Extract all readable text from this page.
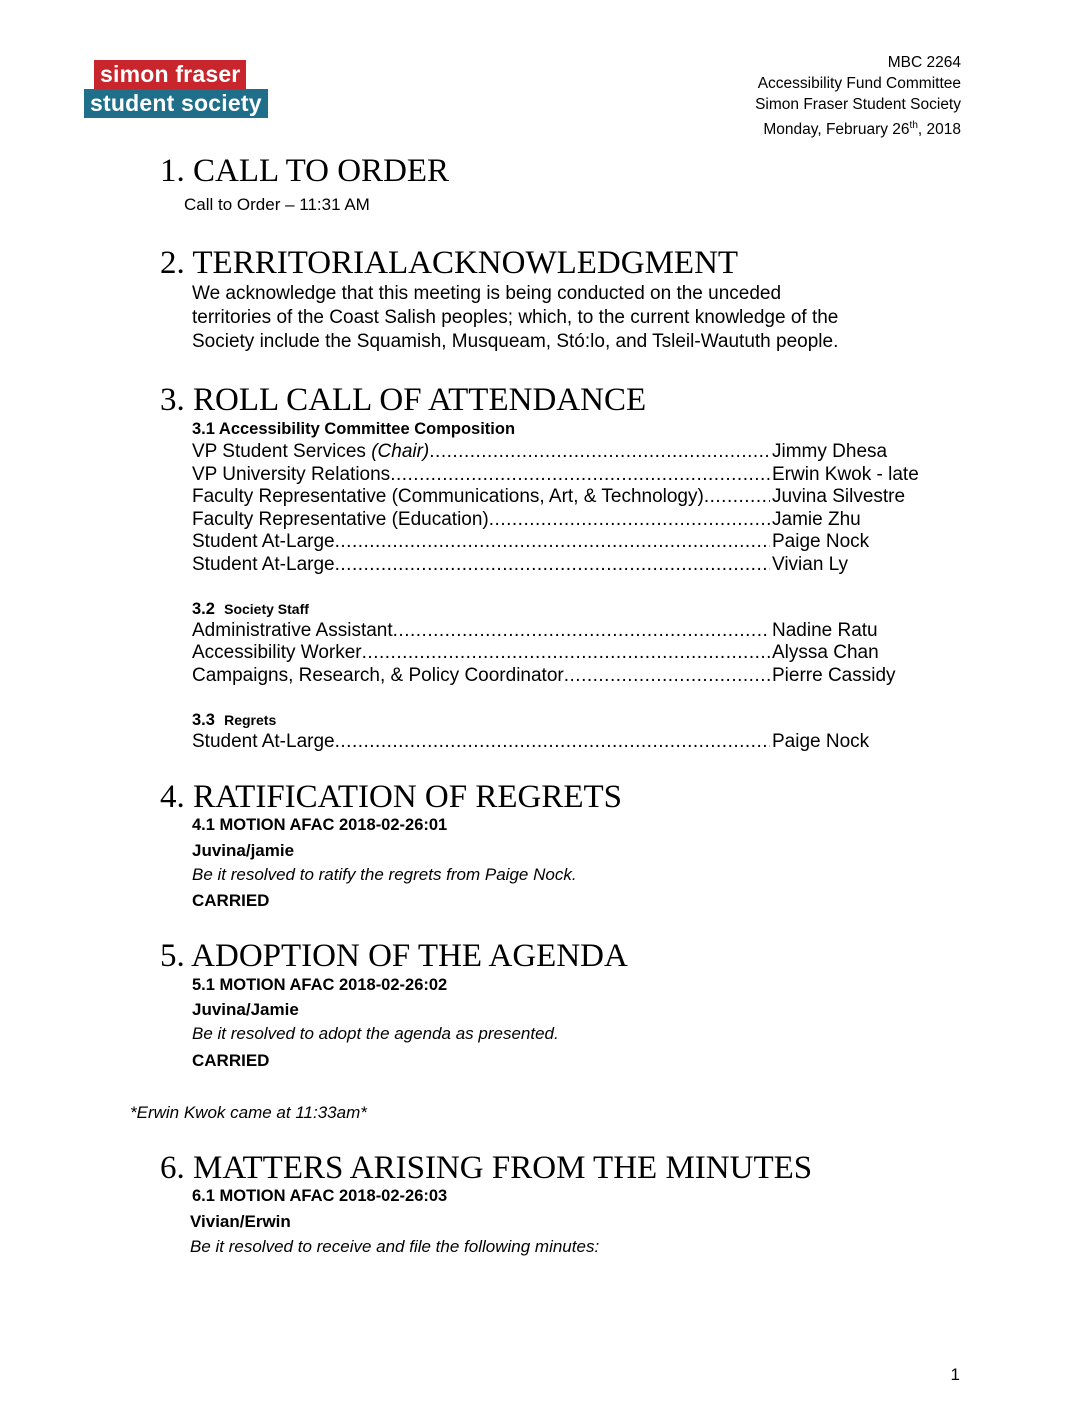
simon fraser
student society
MBC 2264
Accessibility Fund Committee
Simon Fraser Student Society
Monday, February 26th, 2018
1. CALL TO ORDER
Call to Order – 11:31 AM
2. TERRITORIALACKNOWLEDGMENT
We acknowledge that this meeting is being conducted on the unceded
territories of the Coast Salish peoples; which, to the current knowledge of the
Society include the Squamish, Musqueam, Stó:lo, and Tsleil-Waututh people.
3. ROLL CALL OF ATTENDANCE
3.1 Accessibility Committee Composition
VP Student Services (Chair) .....	Jimmy Dhesa
VP University Relations .....	Erwin Kwok - late
Faculty Representative (Communications, Art, & Technology) .....	Juvina Silvestre
Faculty Representative (Education) .....	Jamie Zhu
Student At-Large .....	Paige Nock
Student At-Large .....	Vivian Ly
3.2 Society Staff
Administrative Assistant .....	Nadine Ratu
Accessibility Worker .....	Alyssa Chan
Campaigns, Research, & Policy Coordinator .....	Pierre Cassidy
3.3 Regrets
Student At-Large .....	Paige Nock
4. RATIFICATION OF REGRETS
4.1 MOTION AFAC 2018-02-26:01
Juvina/jamie
Be it resolved to ratify the regrets from Paige Nock.
CARRIED
5. ADOPTION OF THE AGENDA
5.1 MOTION AFAC 2018-02-26:02
Juvina/Jamie
Be it resolved to adopt the agenda as presented.
CARRIED
*Erwin Kwok came at 11:33am*
6. MATTERS ARISING FROM THE MINUTES
6.1 MOTION AFAC 2018-02-26:03
Vivian/Erwin
Be it resolved to receive and file the following minutes:
1
